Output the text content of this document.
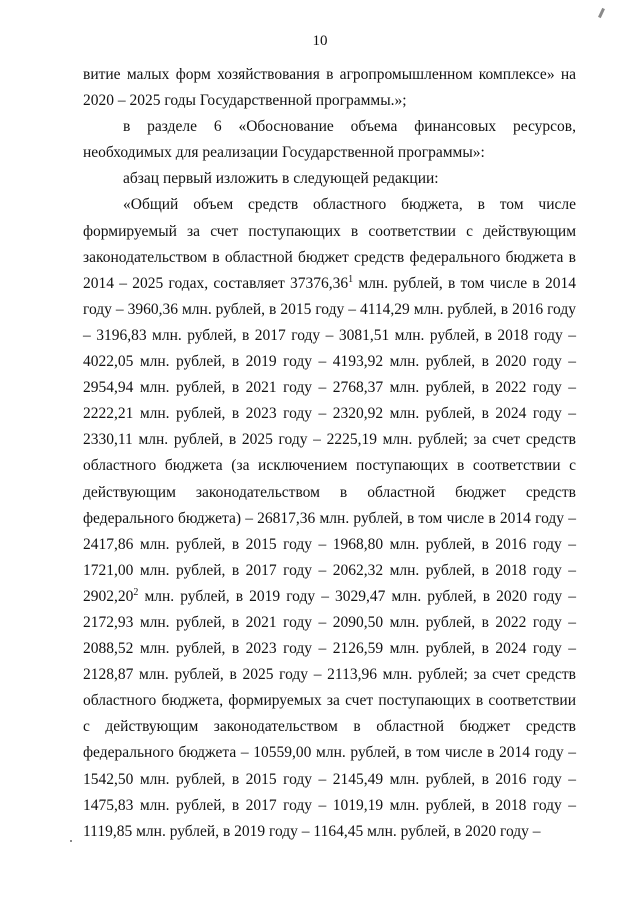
10

витие малых форм хозяйствования в агропромышленном комплексе» на 2020 – 2025 годы Государственной программы.»;

в разделе 6 «Обоснование объема финансовых ресурсов, необходимых для реализации Государственной программы»:

абзац первый изложить в следующей редакции:

«Общий объем средств областного бюджета, в том числе формируемый за счет поступающих в соответствии с действующим законодательством в областной бюджет средств федерального бюджета в 2014 – 2025 годах, составляет 37376,36$^1$ млн. рублей, в том числе в 2014 году – 3960,36 млн. рублей, в 2015 году – 4114,29 млн. рублей, в 2016 году – 3196,83 млн. рублей, в 2017 году – 3081,51 млн. рублей, в 2018 году – 4022,05 млн. рублей, в 2019 году – 4193,92 млн. рублей, в 2020 году – 2954,94 млн. рублей, в 2021 году – 2768,37 млн. рублей, в 2022 году – 2222,21 млн. рублей, в 2023 году – 2320,92 млн. рублей, в 2024 году – 2330,11 млн. рублей, в 2025 году – 2225,19 млн. рублей; за счет средств областного бюджета (за исключением поступающих в соответствии с действующим законодательством в областной бюджет средств федерального бюджета) – 26817,36 млн. рублей, в том числе в 2014 году – 2417,86 млн. рублей, в 2015 году – 1968,80 млн. рублей, в 2016 году – 1721,00 млн. рублей, в 2017 году – 2062,32 млн. рублей, в 2018 году – 2902,20$^2$ млн. рублей, в 2019 году – 3029,47 млн. рублей, в 2020 году – 2172,93 млн. рублей, в 2021 году – 2090,50 млн. рублей, в 2022 году – 2088,52 млн. рублей, в 2023 году – 2126,59 млн. рублей, в 2024 году – 2128,87 млн. рублей, в 2025 году – 2113,96 млн. рублей; за счет средств областного бюджета, формируемых за счет поступающих в соответствии с действующим законодательством в областной бюджет средств федерального бюджета – 10559,00 млн. рублей, в том числе в 2014 году – 1542,50 млн. рублей, в 2015 году – 2145,49 млн. рублей, в 2016 году – 1475,83 млн. рублей, в 2017 году – 1019,19 млн. рублей, в 2018 году – 1119,85 млн. рублей, в 2019 году – 1164,45 млн. рублей, в 2020 году –
